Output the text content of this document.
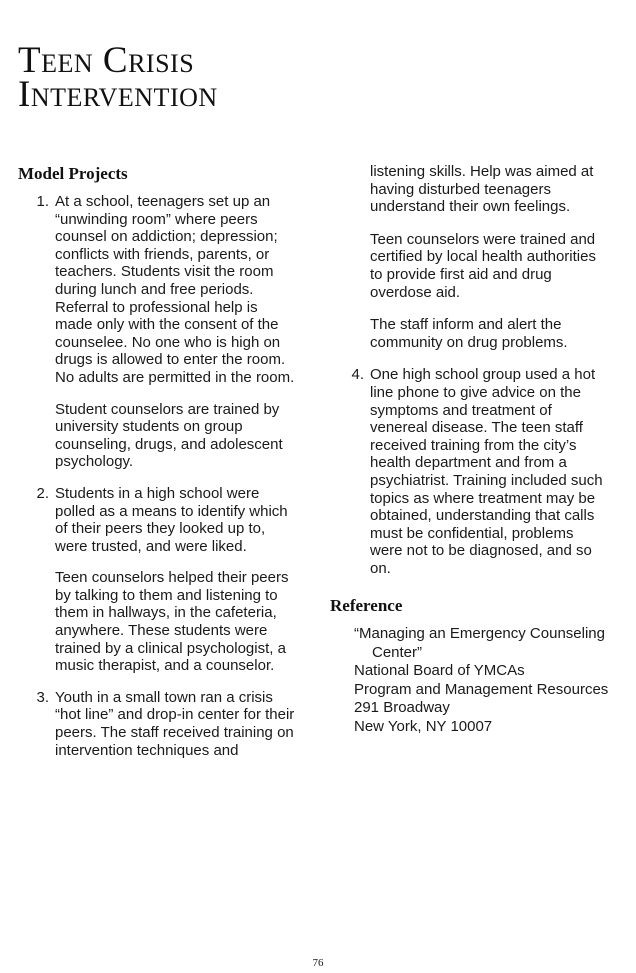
Teen Crisis
Intervention
Model Projects
1. At a school, teenagers set up an “unwinding room” where peers counsel on addiction; depression; conflicts with friends, parents, or teachers. Students visit the room during lunch and free periods. Referral to professional help is made only with the consent of the counselee. No one who is high on drugs is allowed to enter the room. No adults are permitted in the room.

Student counselors are trained by university students on group counseling, drugs, and adolescent psychology.

2. Students in a high school were polled as a means to identify which of their peers they looked up to, were trusted, and were liked.

Teen counselors helped their peers by talking to them and listening to them in hallways, in the cafeteria, anywhere. These students were trained by a clinical psychologist, a music therapist, and a counselor.

3. Youth in a small town ran a crisis “hot line” and drop-in center for their peers. The staff received training on intervention techniques and

listening skills. Help was aimed at having disturbed teenagers understand their own feelings.

Teen counselors were trained and certified by local health authorities to provide first aid and drug overdose aid.

The staff inform and alert the community on drug problems.

4. One high school group used a hot line phone to give advice on the symptoms and treatment of venereal disease. The teen staff received training from the city’s health department and from a psychiatrist. Training included such topics as where treatment may be obtained, understanding that calls must be confidential, problems were not to be diagnosed, and so on.

Reference
“Managing an Emergency Counseling
Center”
National Board of YMCAs
Program and Management Resources
291 Broadway
New York, NY 10007
76
